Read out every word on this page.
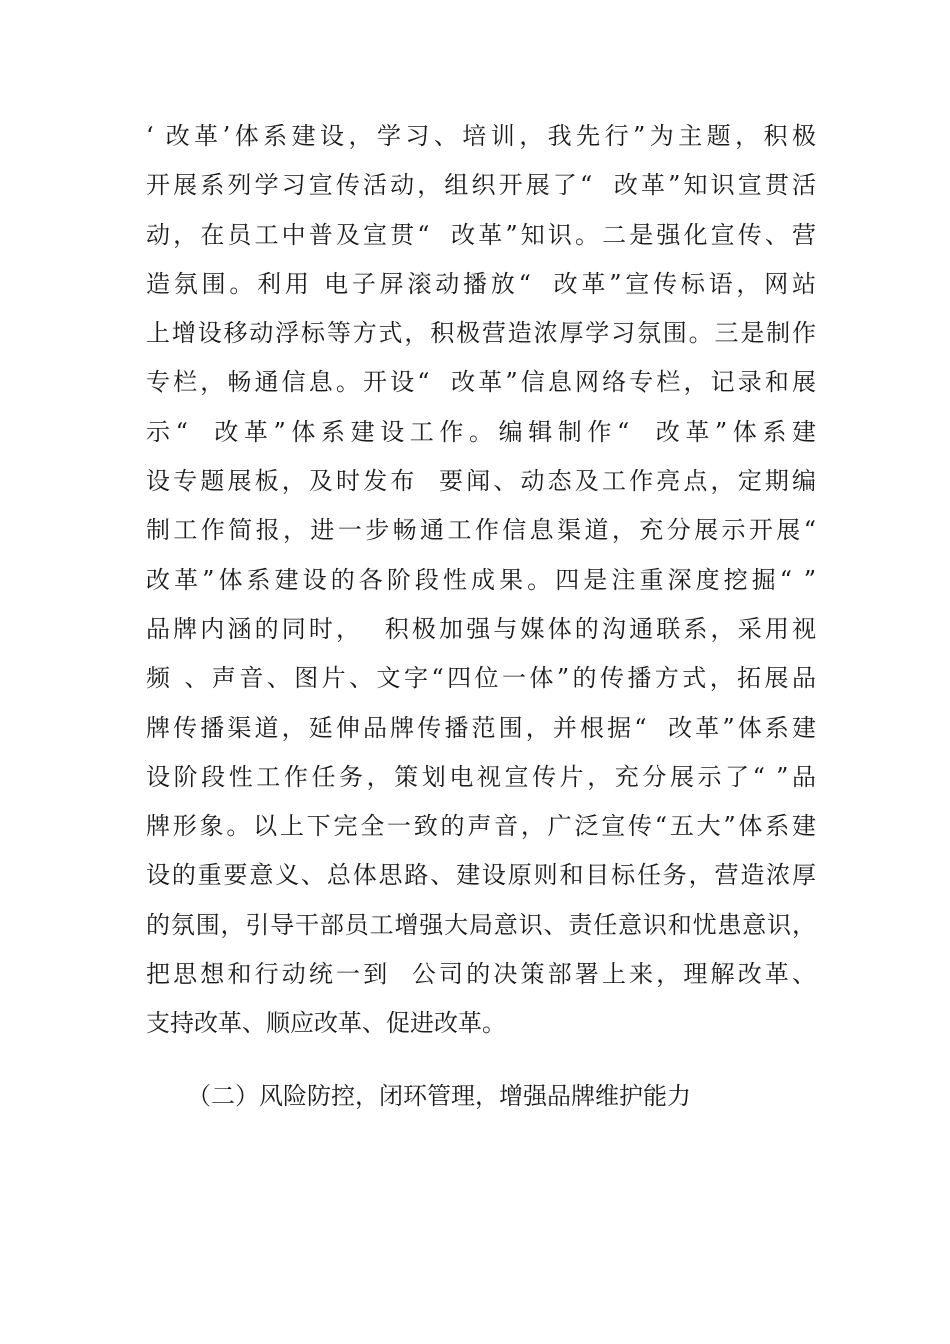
‘ 改革’体系建设，学习、培训，我先行”为主题，积极
开展系列学习宣传活动，组织开展了“  改革”知识宣贯活
动，在员工中普及宣贯“  改革”知识。二是强化宣传、营
造氛围。利用 电子屏滚动播放“  改革”宣传标语，网站
上增设移动浮标等方式，积极营造浓厚学习氛围。三是制作
专栏，畅通信息。开设“  改革”信息网络专栏，记录和展
示“  改革”体系建设工作。编辑制作“  改革”体系建
设专题展板，及时发布  要闻、动态及工作亮点，定期编
制工作简报，进一步畅通工作信息渠道，充分展示开展“
改革”体系建设的各阶段性成果。四是注重深度挖掘“ ”
品牌内涵的同时，  积极加强与媒体的沟通联系，采用视
频 、声音、图片、文字“四位一体”的传播方式，拓展品
牌传播渠道，延伸品牌传播范围，并根据“  改革”体系建
设阶段性工作任务，策划电视宣传片，充分展示了“ ”品
牌形象。以上下完全一致的声音，广泛宣传“五大”体系建
设的重要意义、总体思路、建设原则和目标任务，营造浓厚
的氛围，引导干部员工增强大局意识、责任意识和忧患意识，
把思想和行动统一到  公司的决策部署上来，理解改革、
支持改革、顺应改革、促进改革。
（二）风险防控，闭环管理，增强品牌维护能力
